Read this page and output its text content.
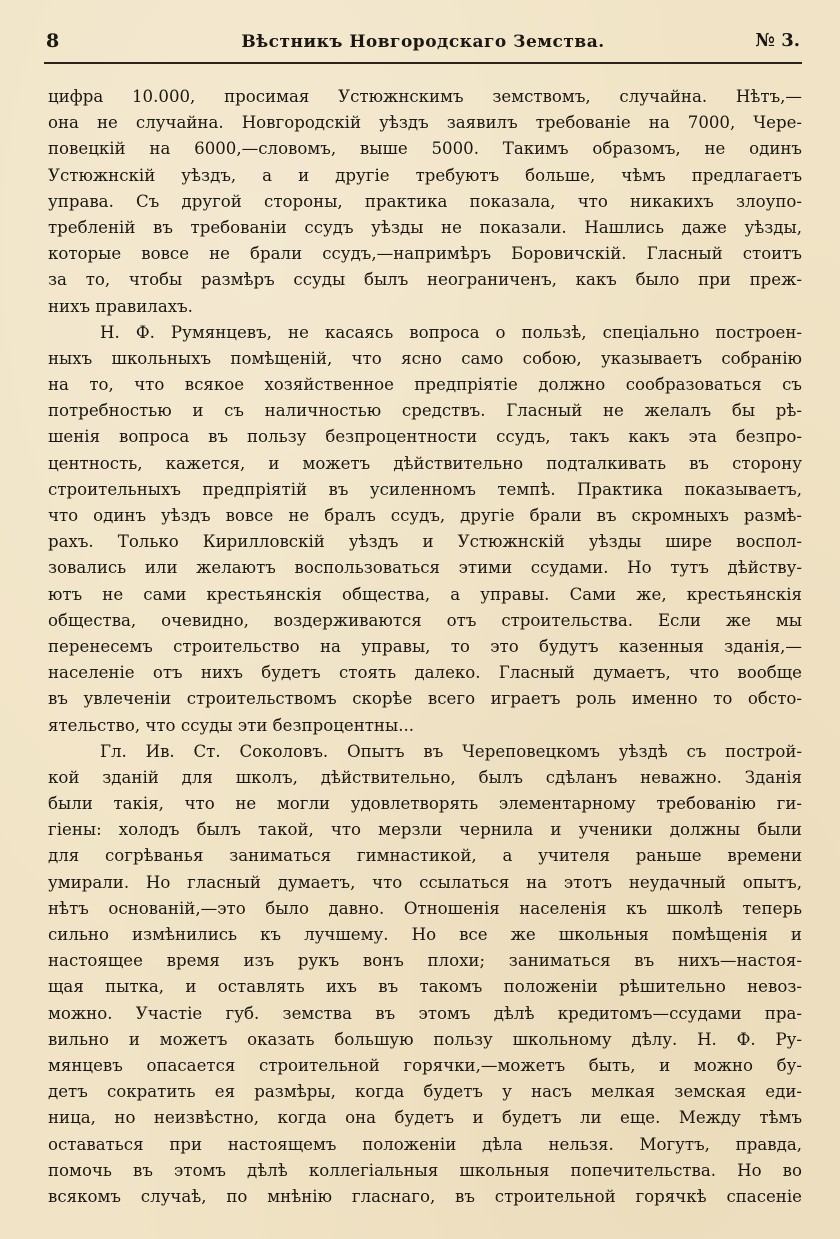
8	Вѣстникъ Новгородскаго Земства.	№ 3.
цифра 10.000, просимая Устюжнскимъ земствомъ, случайна. Нѣтъ,—
она не случайна. Новгородскій уѣздъ заявилъ требованіе на 7000, Чере-
повецкій на 6000,—словомъ, выше 5000. Такимъ образомъ, не одинъ
Устюжнскій уѣздъ, а и другіе требуютъ больше, чѣмъ предлагаетъ
управа. Съ другой стороны, практика показала, что никакихъ злоупо-
требленій въ требованіи ссудъ уѣзды не показали. Нашлись даже уѣзды,
которые вовсе не брали ссудъ,—напримѣръ Боровичскій. Гласный стоитъ
за то, чтобы размѣръ ссуды былъ неограниченъ, какъ было при преж-
нихъ правилахъ.
Н. Ф. Румянцевъ, не касаясь вопроса о пользѣ, спеціально построен-
ныхъ школьныхъ помѣщеній, что ясно само собою, указываетъ собранію
на то, что всякое хозяйственное предпріятіе должно сообразоваться съ
потребностью и съ наличностью средствъ. Гласный не желалъ бы рѣ-
шенія вопроса въ пользу безпроцентности ссудъ, такъ какъ эта безпро-
центность, кажется, и можетъ дѣйствительно подталкивать въ сторону
строительныхъ предпріятій въ усиленномъ темпѣ. Практика показываетъ,
что одинъ уѣздъ вовсе не бралъ ссудъ, другіе брали въ скромныхъ размѣ-
рахъ. Только Кирилловскій уѣздъ и Устюжнскій уѣзды шире воспол-
зовались или желаютъ воспользоваться этими ссудами. Но тутъ дѣйству-
ютъ не сами крестьянскія общества, а управы. Сами же, крестьянскія
общества, очевидно, воздерживаются отъ строительства. Если же мы
перенесемъ строительство на управы, то это будутъ казенныя зданія,—
населеніе отъ нихъ будетъ стоять далеко. Гласный думаетъ, что вообще
въ увлеченіи строительствомъ скорѣе всего играетъ роль именно то обсто-
ятельство, что ссуды эти безпроцентны...
Гл. Ив. Ст. Соколовъ. Опытъ въ Череповецкомъ уѣздѣ съ построй-
кой зданій для школъ, дѣйствительно, былъ сдѣланъ неважно. Зданія
были такія, что не могли удовлетворять элементарному требованію ги-
гіены: холодъ былъ такой, что мерзли чернила и ученики должны были
для согрѣванья заниматься гимнастикой, а учителя раньше времени
умирали. Но гласный думаетъ, что ссылаться на этотъ неудачный опытъ,
нѣтъ основаній,—это было давно. Отношенія населенія къ школѣ теперь
сильно измѣнились къ лучшему. Но все же школьныя помѣщенія и
настоящее время изъ рукъ вонъ плохи; заниматься въ нихъ—настоя-
щая пытка, и оставлять ихъ въ такомъ положеніи рѣшительно невоз-
можно. Участіе губ. земства въ этомъ дѣлѣ кредитомъ—ссудами пра-
вильно и можетъ оказать большую пользу школьному дѣлу. Н. Ф. Ру-
мянцевъ опасается строительной горячки,—можетъ быть, и можно бу-
детъ сократить ея размѣры, когда будетъ у насъ мелкая земская еди-
ница, но неизвѣстно, когда она будетъ и будетъ ли еще. Между тѣмъ
оставаться при настоящемъ положеніи дѣла нельзя. Могутъ, правда,
помочь въ этомъ дѣлѣ коллегіальныя школьныя попечительства. Но во
всякомъ случаѣ, по мнѣнію гласнаго, въ строительной горячкѣ спасеніе
